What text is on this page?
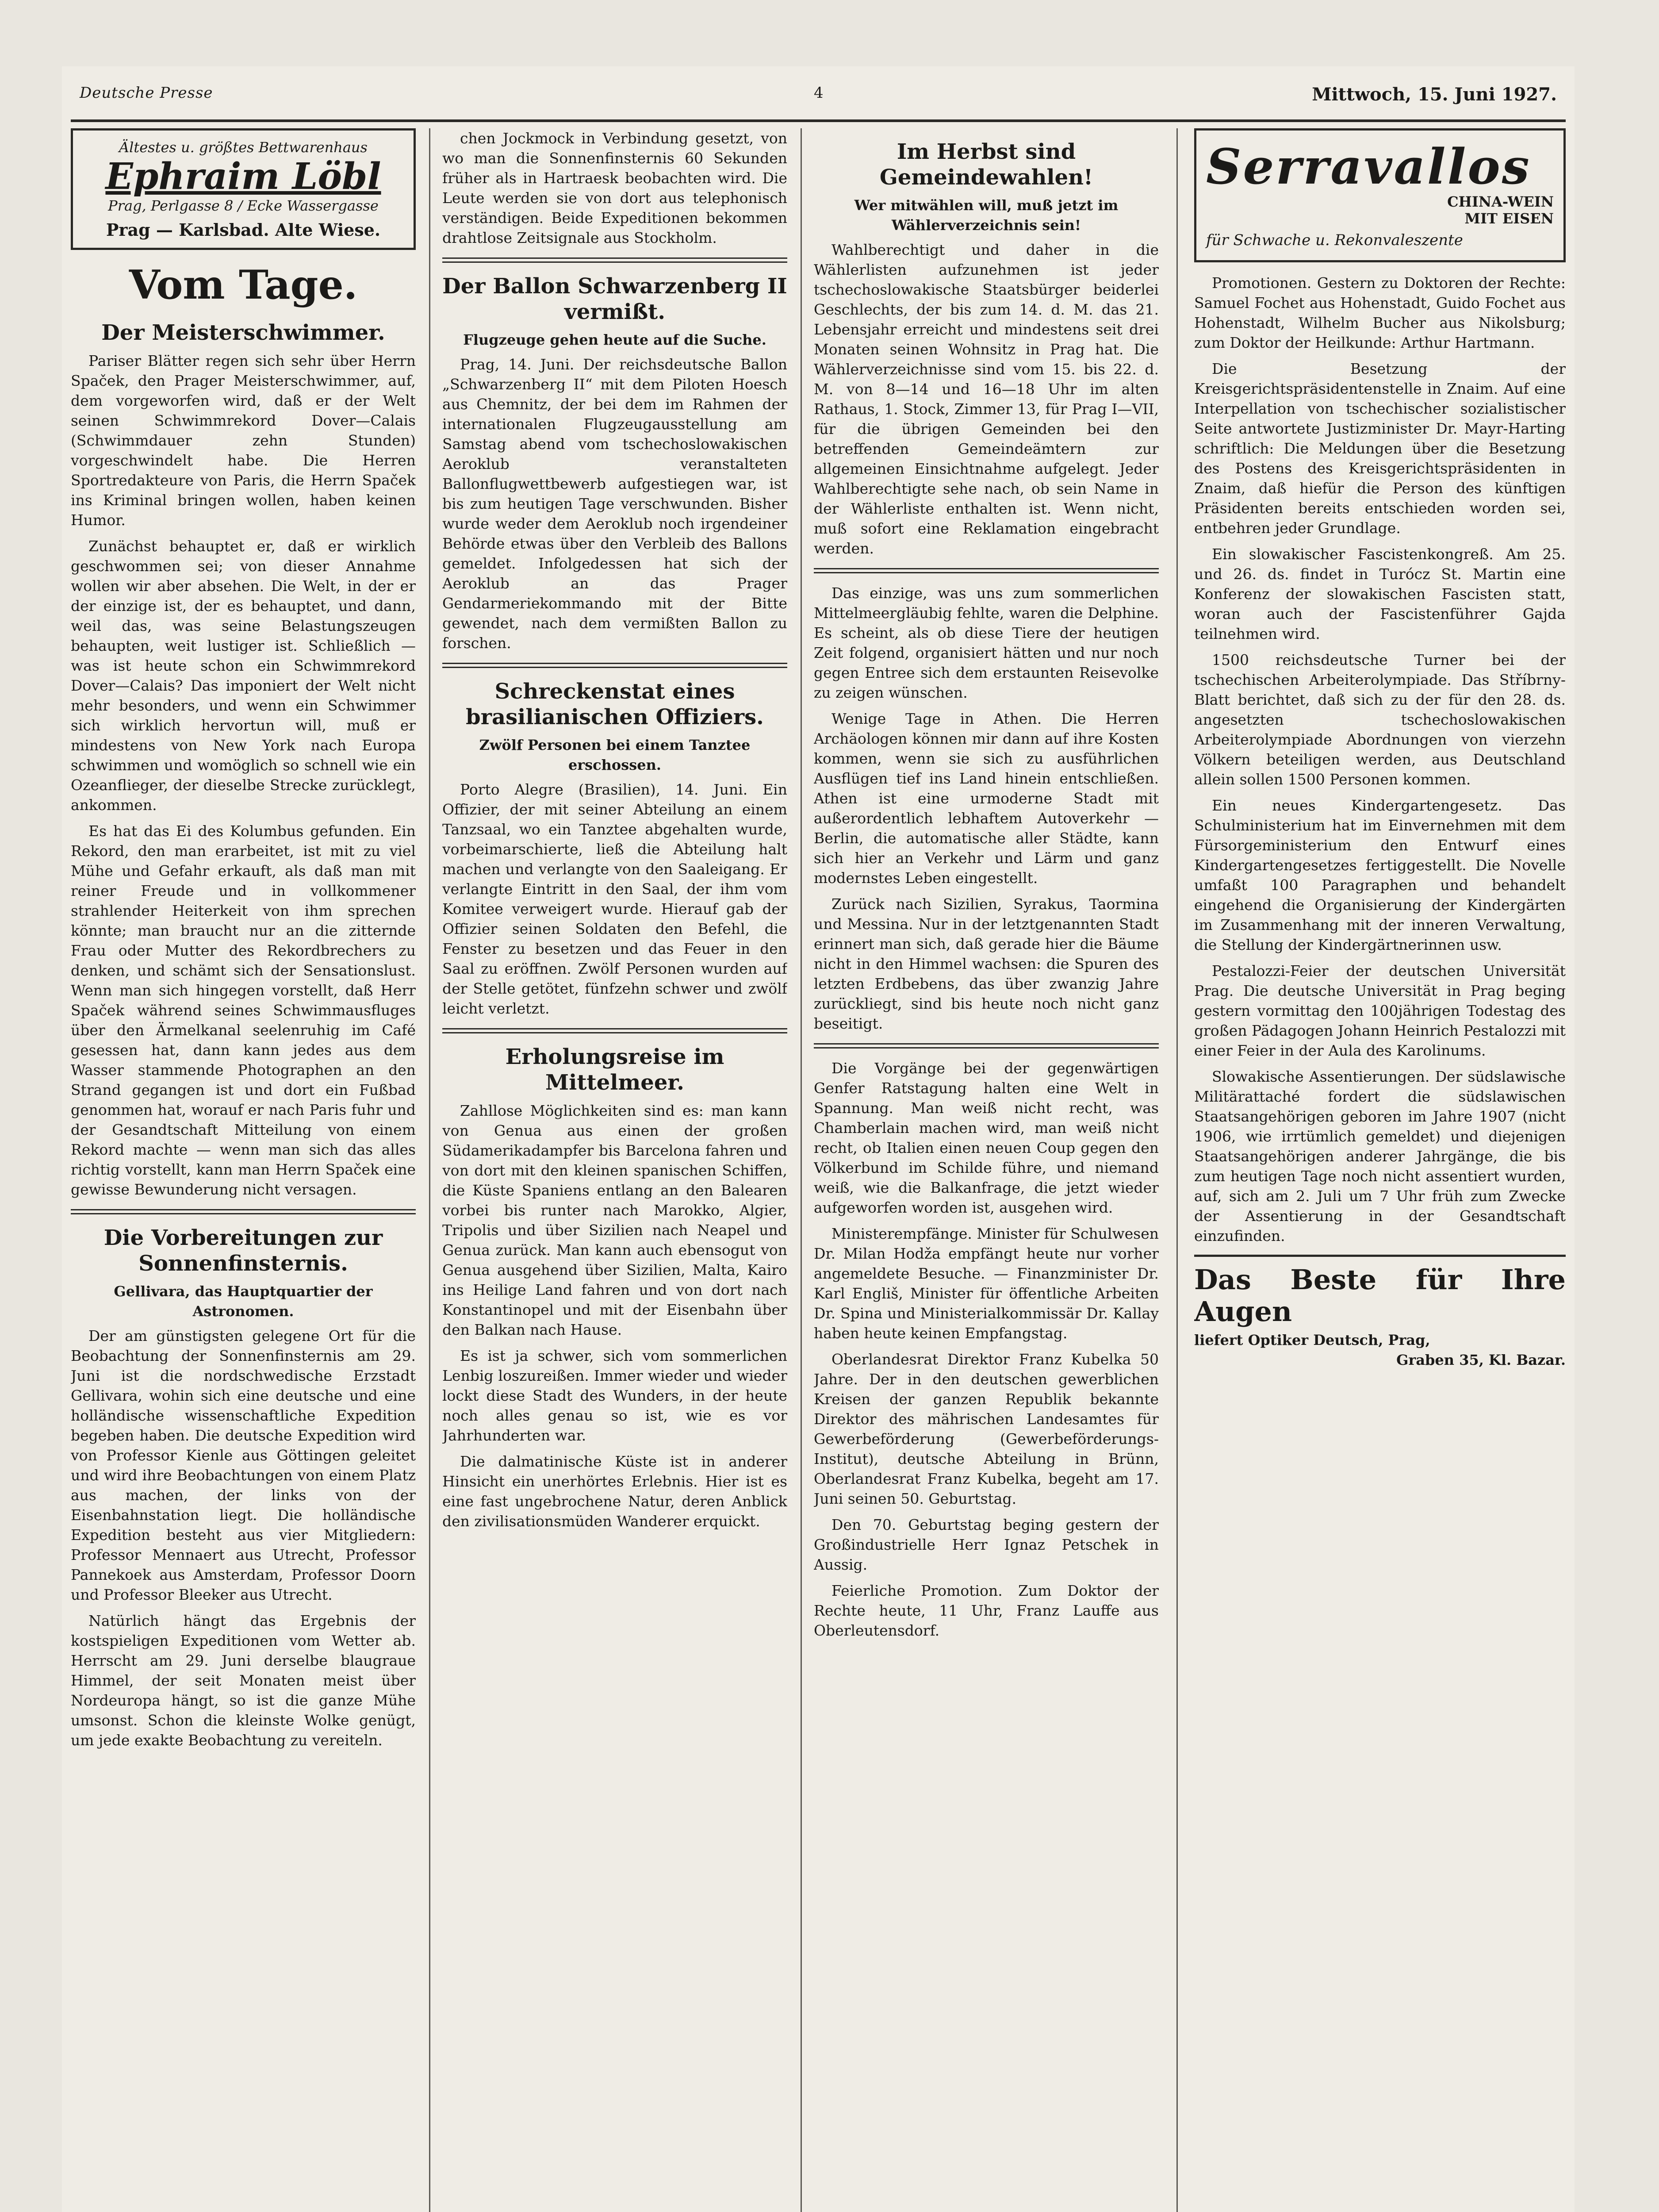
Deutsche Presse	4	Mittwoch, 15. Juni 1927.
Ältestes u. größtes Bettwarenhaus
Ephraim Löbl
Prag, Perlgasse 8 / Ecke Wassergasse
Prag — Karlsbad. Alte Wiese.
Vom Tage.
Der Meisterschwimmer.

Pariser Blätter regen sich sehr über Herrn Spaček, den Prager Meisterschwimmer, auf, dem vorgeworfen wird, daß er der Welt seinen Schwimmrekord Dover—Calais (Schwimmdauer zehn Stunden) vorgeschwindelt habe. Die Herren Sportredakteure von Paris, die Herrn Spaček ins Kriminal bringen wollen, haben keinen Humor.

Zunächst behauptet er, daß er wirklich geschwommen sei; von dieser Annahme wollen wir aber absehen. Die Welt, in der er der einzige ist, der es behauptet, und dann, weil das, was seine Belastungszeugen behaupten, weit lustiger ist. Schließlich — was ist heute schon ein Schwimmrekord Dover—Calais? Das imponiert der Welt nicht mehr besonders, und wenn ein Schwimmer sich wirklich hervortun will, muß er mindestens von New York nach Europa schwimmen und womöglich so schnell wie ein Ozeanflieger, der dieselbe Strecke zurücklegt, ankommen.

Es hat das Ei des Kolumbus gefunden. Ein Rekord, den man erarbeitet, ist mit zu viel Mühe und Gefahr erkauft, als daß man mit reiner Freude und in vollkommener strahlender Heiterkeit von ihm sprechen könnte; man braucht nur an die zitternde Frau oder Mutter des Rekordbrechers zu denken, und schämt sich der Sensationslust. Wenn man sich hingegen vorstellt, daß Herr Spaček während seines Schwimmausfluges über den Ärmelkanal seelenruhig im Café gesessen hat, dann kann jedes aus dem Wasser stammende Photographen an den Strand gegangen ist und dort ein Fußbad genommen hat, worauf er nach Paris fuhr und der Gesandtschaft Mitteilung von einem Rekord machte — wenn man sich das alles richtig vorstellt, kann man Herrn Spaček eine gewisse Bewunderung nicht versagen.

Die Vorbereitungen zur Sonnenfinsternis.
Gellivara, das Hauptquartier der Astronomen.

Der am günstigsten gelegene Ort für die Beobachtung der Sonnenfinsternis am 29. Juni ist die nordschwedische Erzstadt Gellivara, wohin sich eine deutsche und eine holländische wissenschaftliche Expedition begeben haben. Die deutsche Expedition wird von Professor Kienle aus Göttingen geleitet und wird ihre Beobachtungen von einem Platz aus machen, der links von der Eisenbahnstation liegt. Die holländische Expedition besteht aus vier Mitgliedern: Professor Mennaert aus Utrecht, Professor Pannekoek aus Amsterdam, Professor Doorn und Professor Bleeker aus Utrecht.

Natürlich hängt das Ergebnis der kostspieligen Expeditionen vom Wetter ab. Herrscht am 29. Juni derselbe blaugraue Himmel, der seit Monaten meist über Nordeuropa hängt, so ist die ganze Mühe umsonst. Schon die kleinste Wolke genügt, um jede exakte Beobachtung zu vereiteln.

chen Jockmock in Verbindung gesetzt, von wo man die Sonnenfinsternis 60 Sekunden früher als in Hartraesk beobachten wird. Die Leute werden sie von dort aus telephonisch verständigen. Beide Expeditionen bekommen drahtlose Zeitsignale aus Stockholm.

Der Ballon Schwarzenberg II vermißt.
Flugzeuge gehen heute auf die Suche.

Prag, 14. Juni. Der reichsdeutsche Ballon „Schwarzenberg II“ mit dem Piloten Hoesch aus Chemnitz, der bei dem im Rahmen der internationalen Flugzeugausstellung am Samstag abend vom tschechoslowakischen Aeroklub veranstalteten Ballonflugwettbewerb aufgestiegen war, ist bis zum heutigen Tage verschwunden. Bisher wurde weder dem Aeroklub noch irgendeiner Behörde etwas über den Verbleib des Ballons gemeldet. Infolgedessen hat sich der Aeroklub an das Prager Gendarmeriekommando mit der Bitte gewendet, nach dem vermißten Ballon zu forschen.

Schreckenstat eines brasilianischen Offiziers.
Zwölf Personen bei einem Tanztee erschossen.

Porto Alegre (Brasilien), 14. Juni. Ein Offizier, der mit seiner Abteilung an einem Tanzsaal, wo ein Tanztee abgehalten wurde, vorbeimarschierte, ließ die Abteilung halt machen und verlangte von den Saaleigang. Er verlangte Eintritt in den Saal, der ihm vom Komitee verweigert wurde. Hierauf gab der Offizier seinen Soldaten den Befehl, die Fenster zu besetzen und das Feuer in den Saal zu eröffnen. Zwölf Personen wurden auf der Stelle getötet, fünfzehn schwer und zwölf leicht verletzt.

Erholungsreise im Mittelmeer.

Zahllose Möglichkeiten sind es: man kann von Genua aus einen der großen Südamerikadampfer bis Barcelona fahren und von dort mit den kleinen spanischen Schiffen, die Küste Spaniens entlang an den Balearen vorbei bis runter nach Marokko, Algier, Tripolis und über Sizilien nach Neapel und Genua zurück. Man kann auch ebensogut von Genua ausgehend über Sizilien, Malta, Kairo ins Heilige Land fahren und von dort nach Konstantinopel und mit der Eisenbahn über den Balkan nach Hause.

Es ist ja schwer, sich vom sommerlichen Lenbig loszureißen. Immer wieder und wieder lockt diese Stadt des Wunders, in der heute noch alles genau so ist, wie es vor Jahrhunderten war.

Die dalmatinische Küste ist in anderer Hinsicht ein unerhörtes Erlebnis. Hier ist es eine fast ungebrochene Natur, deren Anblick den zivilisationsmüden Wanderer erquickt.

Im Herbst sind Gemeindewahlen!
Wer mitwählen will, muß jetzt im Wählerverzeichnis sein!

Wahlberechtigt und daher in die Wählerlisten aufzunehmen ist jeder tschechoslowakische Staatsbürger beiderlei Geschlechts, der bis zum 14. d. M. das 21. Lebensjahr erreicht und mindestens seit drei Monaten seinen Wohnsitz in Prag hat. Die Wählerverzeichnisse sind vom 15. bis 22. d. M. von 8—14 und 16—18 Uhr im alten Rathaus, 1. Stock, Zimmer 13, für Prag I—VII, für die übrigen Gemeinden bei den betreffenden Gemeindeämtern zur allgemeinen Einsichtnahme aufgelegt. Jeder Wahlberechtigte sehe nach, ob sein Name in der Wählerliste enthalten ist. Wenn nicht, muß sofort eine Reklamation eingebracht werden.

Das einzige, was uns zum sommerlichen Mittelmeergläubig fehlte, waren die Delphine. Es scheint, als ob diese Tiere der heutigen Zeit folgend, organisiert hätten und nur noch gegen Entree sich dem erstaunten Reisevolke zu zeigen wünschen.

Wenige Tage in Athen. Die Herren Archäologen können mir dann auf ihre Kosten kommen, wenn sie sich zu ausführlichen Ausflügen tief ins Land hinein entschließen. Athen ist eine urmoderne Stadt mit außerordentlich lebhaftem Autoverkehr — Berlin, die automatische aller Städte, kann sich hier an Verkehr und Lärm und ganz modernstes Leben eingestellt.

Zurück nach Sizilien, Syrakus, Taormina und Messina. Nur in der letztgenannten Stadt erinnert man sich, daß gerade hier die Bäume nicht in den Himmel wachsen: die Spuren des letzten Erdbebens, das über zwanzig Jahre zurückliegt, sind bis heute noch nicht ganz beseitigt.

Die Vorgänge bei der gegenwärtigen Genfer Ratstagung halten eine Welt in Spannung. Man weiß nicht recht, was Chamberlain machen wird, man weiß nicht recht, ob Italien einen neuen Coup gegen den Völkerbund im Schilde führe, und niemand weiß, wie die Balkanfrage, die jetzt wieder aufgeworfen worden ist, ausgehen wird.

Ministerempfänge. Minister für Schulwesen Dr. Milan Hodža empfängt heute nur vorher angemeldete Besuche. — Finanzminister Dr. Karl Engliš, Minister für öffentliche Arbeiten Dr. Spina und Ministerialkommissär Dr. Kallay haben heute keinen Empfangstag.

Oberlandesrat Direktor Franz Kubelka 50 Jahre. Der in den deutschen gewerblichen Kreisen der ganzen Republik bekannte Direktor des mährischen Landesamtes für Gewerbeförderung (Gewerbeförderungs-Institut), deutsche Abteilung in Brünn, Oberlandesrat Franz Kubelka, begeht am 17. Juni seinen 50. Geburtstag.

Den 70. Geburtstag beging gestern der Großindustrielle Herr Ignaz Petschek in Aussig.

Feierliche Promotion. Zum Doktor der Rechte heute, 11 Uhr, Franz Lauffe aus Oberleutensdorf.

Serravallos
CHINA-WEIN
MIT EISEN
für Schwache u. Rekonvaleszente

Promotionen. Gestern zu Doktoren der Rechte: Samuel Fochet aus Hohenstadt, Guido Fochet aus Hohenstadt, Wilhelm Bucher aus Nikolsburg; zum Doktor der Heilkunde: Arthur Hartmann.

Die Besetzung der Kreisgerichtspräsidentenstelle in Znaim. Auf eine Interpellation von tschechischer sozialistischer Seite antwortete Justizminister Dr. Mayr-Harting schriftlich: Die Meldungen über die Besetzung des Postens des Kreisgerichtspräsidenten in Znaim, daß hiefür die Person des künftigen Präsidenten bereits entschieden worden sei, entbehren jeder Grundlage.

Ein slowakischer Fascistenkongreß. Am 25. und 26. ds. findet in Turócz St. Martin eine Konferenz der slowakischen Fascisten statt, woran auch der Fascistenführer Gajda teilnehmen wird.

1500 reichsdeutsche Turner bei der tschechischen Arbeiterolympiade. Das Stříbrny-Blatt berichtet, daß sich zu der für den 28. ds. angesetzten tschechoslowakischen Arbeiterolympiade Abordnungen von vierzehn Völkern beteiligen werden, aus Deutschland allein sollen 1500 Personen kommen.

Ein neues Kindergartengesetz. Das Schulministerium hat im Einvernehmen mit dem Fürsorgeministerium den Entwurf eines Kindergartengesetzes fertiggestellt. Die Novelle umfaßt 100 Paragraphen und behandelt eingehend die Organisierung der Kindergärten im Zusammenhang mit der inneren Verwaltung, die Stellung der Kindergärtnerinnen usw.

Pestalozzi-Feier der deutschen Universität Prag. Die deutsche Universität in Prag beging gestern vormittag den 100jährigen Todestag des großen Pädagogen Johann Heinrich Pestalozzi mit einer Feier in der Aula des Karolinums.

Slowakische Assentierungen. Der südslawische Militärattaché fordert die südslawischen Staatsangehörigen geboren im Jahre 1907 (nicht 1906, wie irrtümlich gemeldet) und diejenigen Staatsangehörigen anderer Jahrgänge, die bis zum heutigen Tage noch nicht assentiert wurden, auf, sich am 2. Juli um 7 Uhr früh zum Zwecke der Assentierung in der Gesandtschaft einzufinden.

Das Beste für Ihre Augen
liefert Optiker Deutsch, Prag,
Graben 35, Kl. Bazar.
